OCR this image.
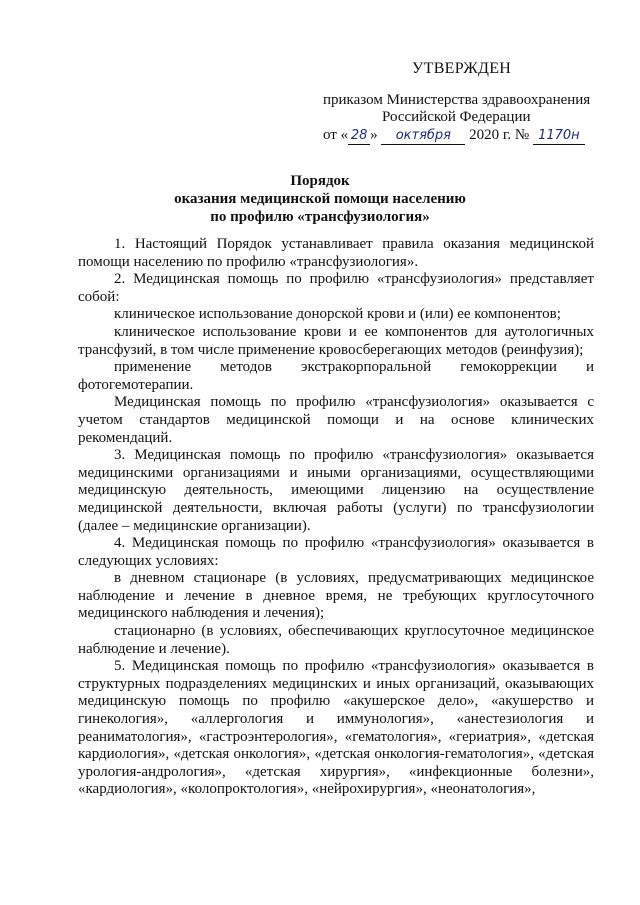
УТВЕРЖДЕН
приказом Министерства здравоохранения
Российской Федерации
от « 28 » октября 2020 г. № 1170н
Порядок
оказания медицинской помощи населению
по профилю «трансфузиология»

1. Настоящий Порядок устанавливает правила оказания медицинской помощи населению по профилю «трансфузиология».

2. Медицинская помощь по профилю «трансфузиология» представляет собой:

клиническое использование донорской крови и (или) ее компонентов;

клиническое использование крови и ее компонентов для аутологичных трансфузий, в том числе применение кровосберегающих методов (реинфузия);

применение методов экстракорпоральной гемокоррекции и фотогемотерапии.

Медицинская помощь по профилю «трансфузиология» оказывается с учетом стандартов медицинской помощи и на основе клинических рекомендаций.

3. Медицинская помощь по профилю «трансфузиология» оказывается медицинскими организациями и иными организациями, осуществляющими медицинскую деятельность, имеющими лицензию на осуществление медицинской деятельности, включая работы (услуги) по трансфузиологии (далее – медицинские организации).

4. Медицинская помощь по профилю «трансфузиология» оказывается в следующих условиях:

в дневном стационаре (в условиях, предусматривающих медицинское наблюдение и лечение в дневное время, не требующих круглосуточного медицинского наблюдения и лечения);

стационарно (в условиях, обеспечивающих круглосуточное медицинское наблюдение и лечение).

5. Медицинская помощь по профилю «трансфузиология» оказывается в структурных подразделениях медицинских и иных организаций, оказывающих медицинскую помощь по профилю «акушерское дело», «акушерство и гинекология», «аллергология и иммунология», «анестезиология и реаниматология», «гастроэнтерология», «гематология», «гериатрия», «детская кардиология», «детская онкология», «детская онкология-гематология», «детская урология-андрология», «детская хирургия», «инфекционные болезни», «кардиология», «колопроктология», «нейрохирургия», «неонатология»,
